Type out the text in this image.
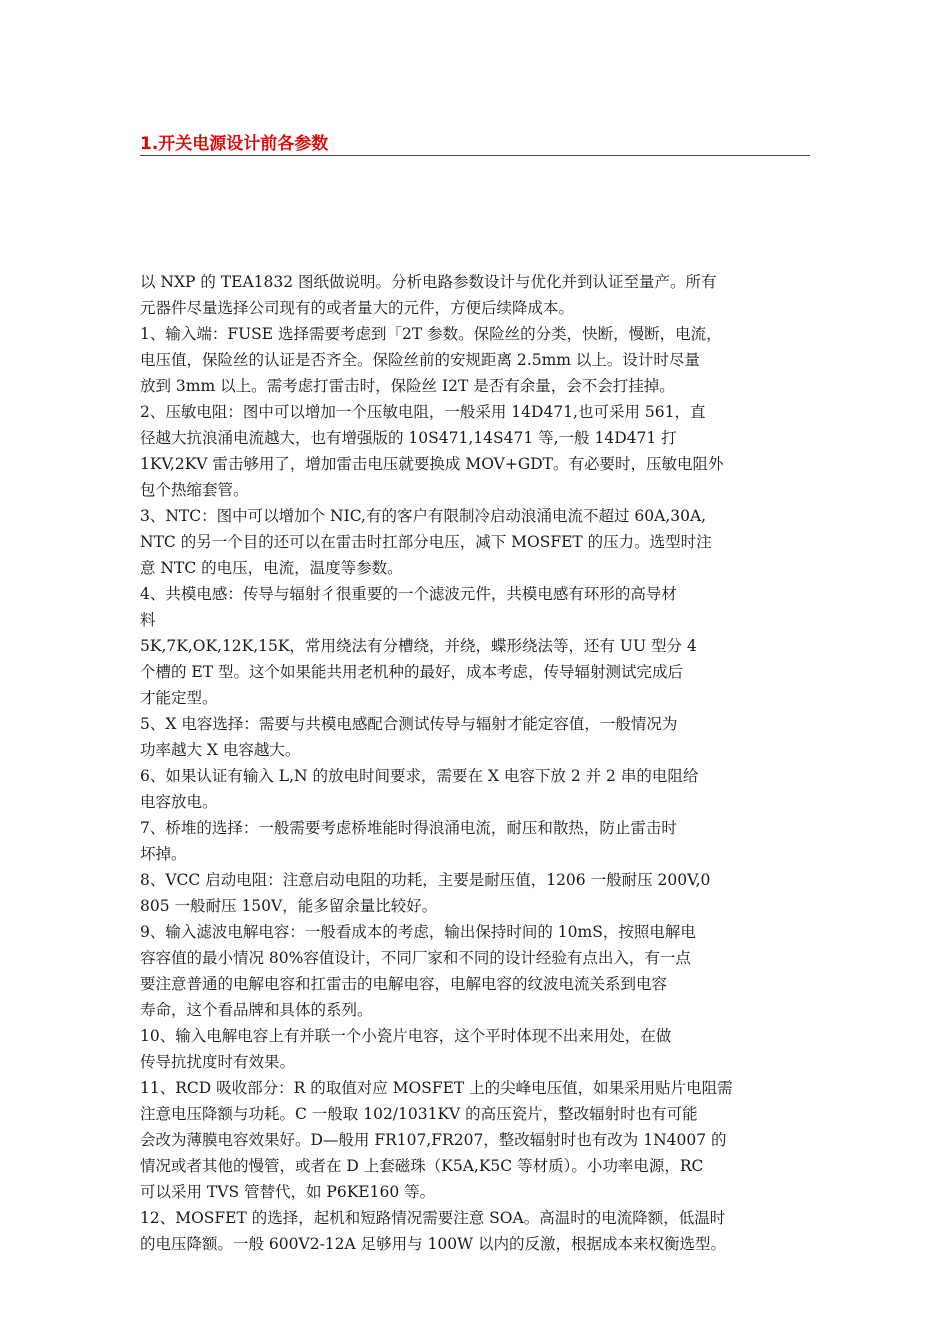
1.开关电源设计前各参数
以 NXP 的 TEA1832 图纸做说明。分析电路参数设计与优化并到认证至量产。所有
元器件尽量选择公司现有的或者量大的元件，方便后续降成本。
1、输入端：FUSE 选择需要考虑到「2T 参数。保险丝的分类，快断，慢断，电流，
电压值，保险丝的认证是否齐全。保险丝前的安规距离 2.5mm 以上。设计时尽量
放到 3mm 以上。需考虑打雷击时，保险丝 I2T 是否有余量，会不会打挂掉。
2、压敏电阻：图中可以增加一个压敏电阻，一般采用 14D471,也可采用 561，直
径越大抗浪涌电流越大，也有增强版的 10S471,14S471 等,一般 14D471 打
1KV,2KV 雷击够用了，增加雷击电压就要换成 MOV+GDT。有必要时，压敏电阻外
包个热缩套管。
3、NTC：图中可以增加个 NIC,有的客户有限制冷启动浪涌电流不超过 60A,30A,
NTC 的另一个目的还可以在雷击时扛部分电压，减下 MOSFET 的压力。选型时注
意 NTC 的电压，电流，温度等参数。
4、共模电感：传导与辐射彳很重要的一个滤波元件，共模电感有环形的高导材
料
5K,7K,OK,12K,15K，常用绕法有分槽绕，并绕，蝶形绕法等，还有 UU 型分 4
个槽的 ET 型。这个如果能共用老机种的最好，成本考虑，传导辐射测试完成后
才能定型。
5、X 电容选择：需要与共模电感配合测试传导与辐射才能定容值，一般情况为
功率越大 X 电容越大。
6、如果认证有输入 L,N 的放电时间要求，需要在 X 电容下放 2 并 2 串的电阻给
电容放电。
7、桥堆的选择：一般需要考虑桥堆能时得浪涌电流，耐压和散热，防止雷击时
坏掉。
8、VCC 启动电阻：注意启动电阻的功耗，主要是耐压值，1206 一般耐压 200V,0
805 一般耐压 150V，能多留余量比较好。
9、输入滤波电解电容：一般看成本的考虑，输出保持时间的 10mS，按照电解电
容容值的最小情况 80%容值设计，不同厂家和不同的设计经验有点出入，有一点
要注意普通的电解电容和扛雷击的电解电容，电解电容的纹波电流关系到电容
寿命，这个看品牌和具体的系列。
10、输入电解电容上有并联一个小瓷片电容，这个平时体现不出来用处，在做
传导抗扰度时有效果。
11、RCD 吸收部分：R 的取值对应 MOSFET 上的尖峰电压值，如果采用贴片电阻需
注意电压降额与功耗。C 一般取 102/1031KV 的高压瓷片，整改辐射时也有可能
会改为薄膜电容效果好。D—般用 FR107,FR207，整改辐射时也有改为 1N4007 的
情况或者其他的慢管，或者在 D 上套磁珠（K5A,K5C 等材质）。小功率电源，RC
可以采用 TVS 管替代，如 P6KE160 等。
12、MOSFET 的选择，起机和短路情况需要注意 SOA。高温时的电流降额，低温时
的电压降额。一般 600V2-12A 足够用与 100W 以内的反激，根据成本来权衡选型。
